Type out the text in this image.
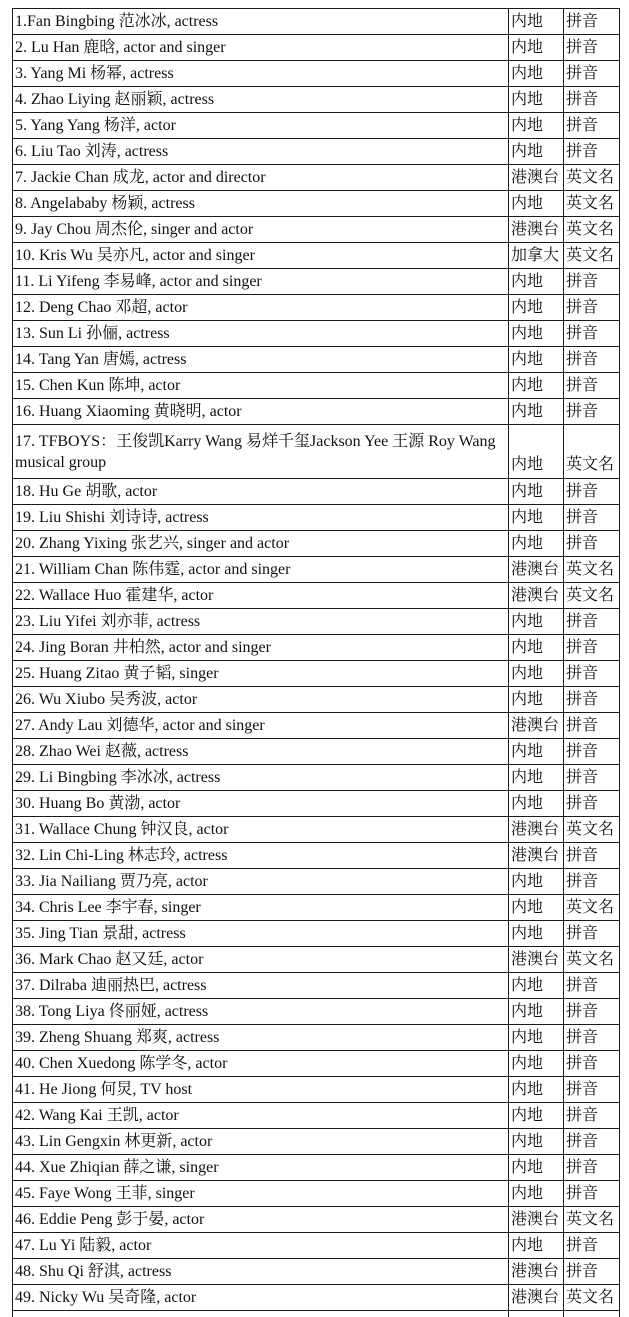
1.Fan Bingbing 范冰冰, actress	内地	拼音
2. Lu Han 鹿晗, actor and singer	内地	拼音
3. Yang Mi 杨幂, actress	内地	拼音
4. Zhao Liying 赵丽颖, actress	内地	拼音
5. Yang Yang 杨洋, actor	内地	拼音
6. Liu Tao 刘涛, actress	内地	拼音
7. Jackie Chan 成龙, actor and director	港澳台	英文名
8. Angelababy 杨颖, actress	内地	英文名
9. Jay Chou 周杰伦, singer and actor	港澳台	英文名
10. Kris Wu 吴亦凡, actor and singer	加拿大	英文名
11. Li Yifeng 李易峰, actor and singer	内地	拼音
12. Deng Chao 邓超, actor	内地	拼音
13. Sun Li 孙俪, actress	内地	拼音
14. Tang Yan 唐嫣, actress	内地	拼音
15. Chen Kun 陈坤, actor	内地	拼音
16. Huang Xiaoming 黄晓明, actor	内地	拼音
17. TFBOYS：王俊凯Karry Wang 易烊千玺Jackson Yee 王源 Roy Wang musical group	内地	英文名
18. Hu Ge 胡歌, actor	内地	拼音
19. Liu Shishi 刘诗诗, actress	内地	拼音
20. Zhang Yixing 张艺兴, singer and actor	内地	拼音
21. William Chan 陈伟霆, actor and singer	港澳台	英文名
22. Wallace Huo 霍建华, actor	港澳台	英文名
23. Liu Yifei 刘亦菲, actress	内地	拼音
24. Jing Boran 井柏然, actor and singer	内地	拼音
25. Huang Zitao 黄子韬, singer	内地	拼音
26. Wu Xiubo 吴秀波, actor	内地	拼音
27. Andy Lau 刘德华, actor and singer	港澳台	拼音
28. Zhao Wei 赵薇, actress	内地	拼音
29. Li Bingbing 李冰冰, actress	内地	拼音
30. Huang Bo 黄渤, actor	内地	拼音
31. Wallace Chung 钟汉良, actor	港澳台	英文名
32. Lin Chi-Ling 林志玲, actress	港澳台	拼音
33. Jia Nailiang 贾乃亮, actor	内地	拼音
34. Chris Lee 李宇春, singer	内地	英文名
35. Jing Tian 景甜, actress	内地	拼音
36. Mark Chao 赵又廷, actor	港澳台	英文名
37. Dilraba 迪丽热巴, actress	内地	拼音
38. Tong Liya 佟丽娅, actress	内地	拼音
39. Zheng Shuang 郑爽, actress	内地	拼音
40. Chen Xuedong 陈学冬, actor	内地	拼音
41. He Jiong 何炅, TV host	内地	拼音
42. Wang Kai 王凯, actor	内地	拼音
43. Lin Gengxin 林更新, actor	内地	拼音
44. Xue Zhiqian 薛之谦, singer	内地	拼音
45. Faye Wong 王菲, singer	内地	拼音
46. Eddie Peng 彭于晏, actor	港澳台	英文名
47. Lu Yi 陆毅, actor	内地	拼音
48. Shu Qi 舒淇, actress	港澳台	拼音
49. Nicky Wu 吴奇隆, actor	港澳台	英文名
